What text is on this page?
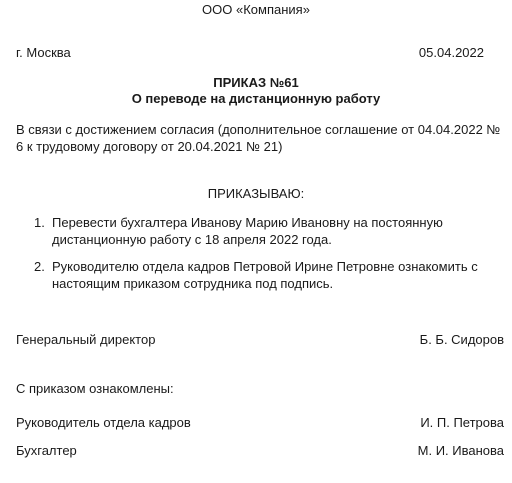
ООО «Компания»
г. Москва	05.04.2022
ПРИКАЗ №61
О переводе на дистанционную работу
В связи с достижением согласия (дополнительное соглашение от 04.04.2022 № 6 к трудовому договору от 20.04.2021 № 21)
ПРИКАЗЫВАЮ:
1. Перевести бухгалтера Иванову Марию Ивановну на постоянную дистанционную работу с 18 апреля 2022 года.
2. Руководителю отдела кадров Петровой Ирине Петровне ознакомить с настоящим приказом сотрудника под подпись.
Генеральный директор	Б. Б. Сидоров
С приказом ознакомлены:
Руководитель отдела кадров	И. П. Петрова
Бухгалтер	М. И. Иванова
